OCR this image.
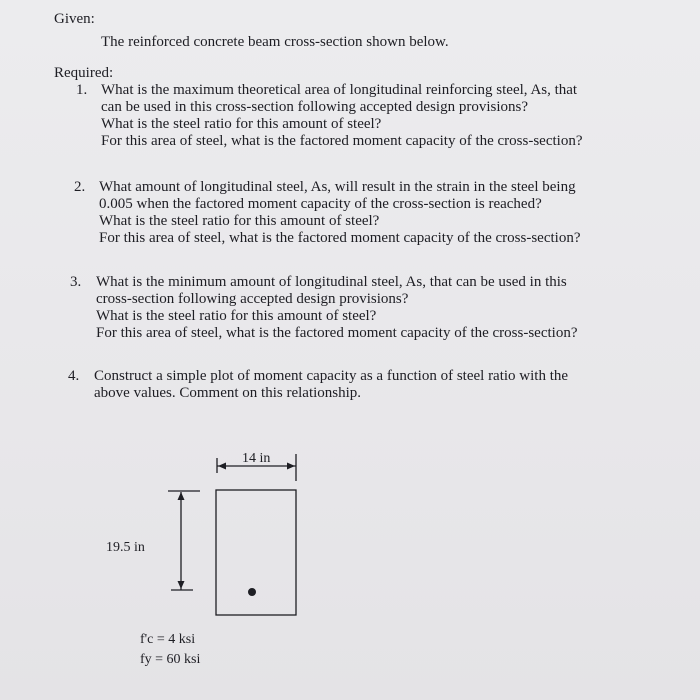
Given:
The reinforced concrete beam cross-section shown below.
Required:
1. What is the maximum theoretical area of longitudinal reinforcing steel, As, that
can be used in this cross-section following accepted design provisions?
What is the steel ratio for this amount of steel?
For this area of steel, what is the factored moment capacity of the cross-section?
2. What amount of longitudinal steel, As, will result in the strain in the steel being
0.005 when the factored moment capacity of the cross-section is reached?
What is the steel ratio for this amount of steel?
For this area of steel, what is the factored moment capacity of the cross-section?
3. What is the minimum amount of longitudinal steel, As, that can be used in this
cross-section following accepted design provisions?
What is the steel ratio for this amount of steel?
For this area of steel, what is the factored moment capacity of the cross-section?
4. Construct a simple plot of moment capacity as a function of steel ratio with the
above values. Comment on this relationship.
14 in
19.5 in
f'c = 4 ksi
fy = 60 ksi
